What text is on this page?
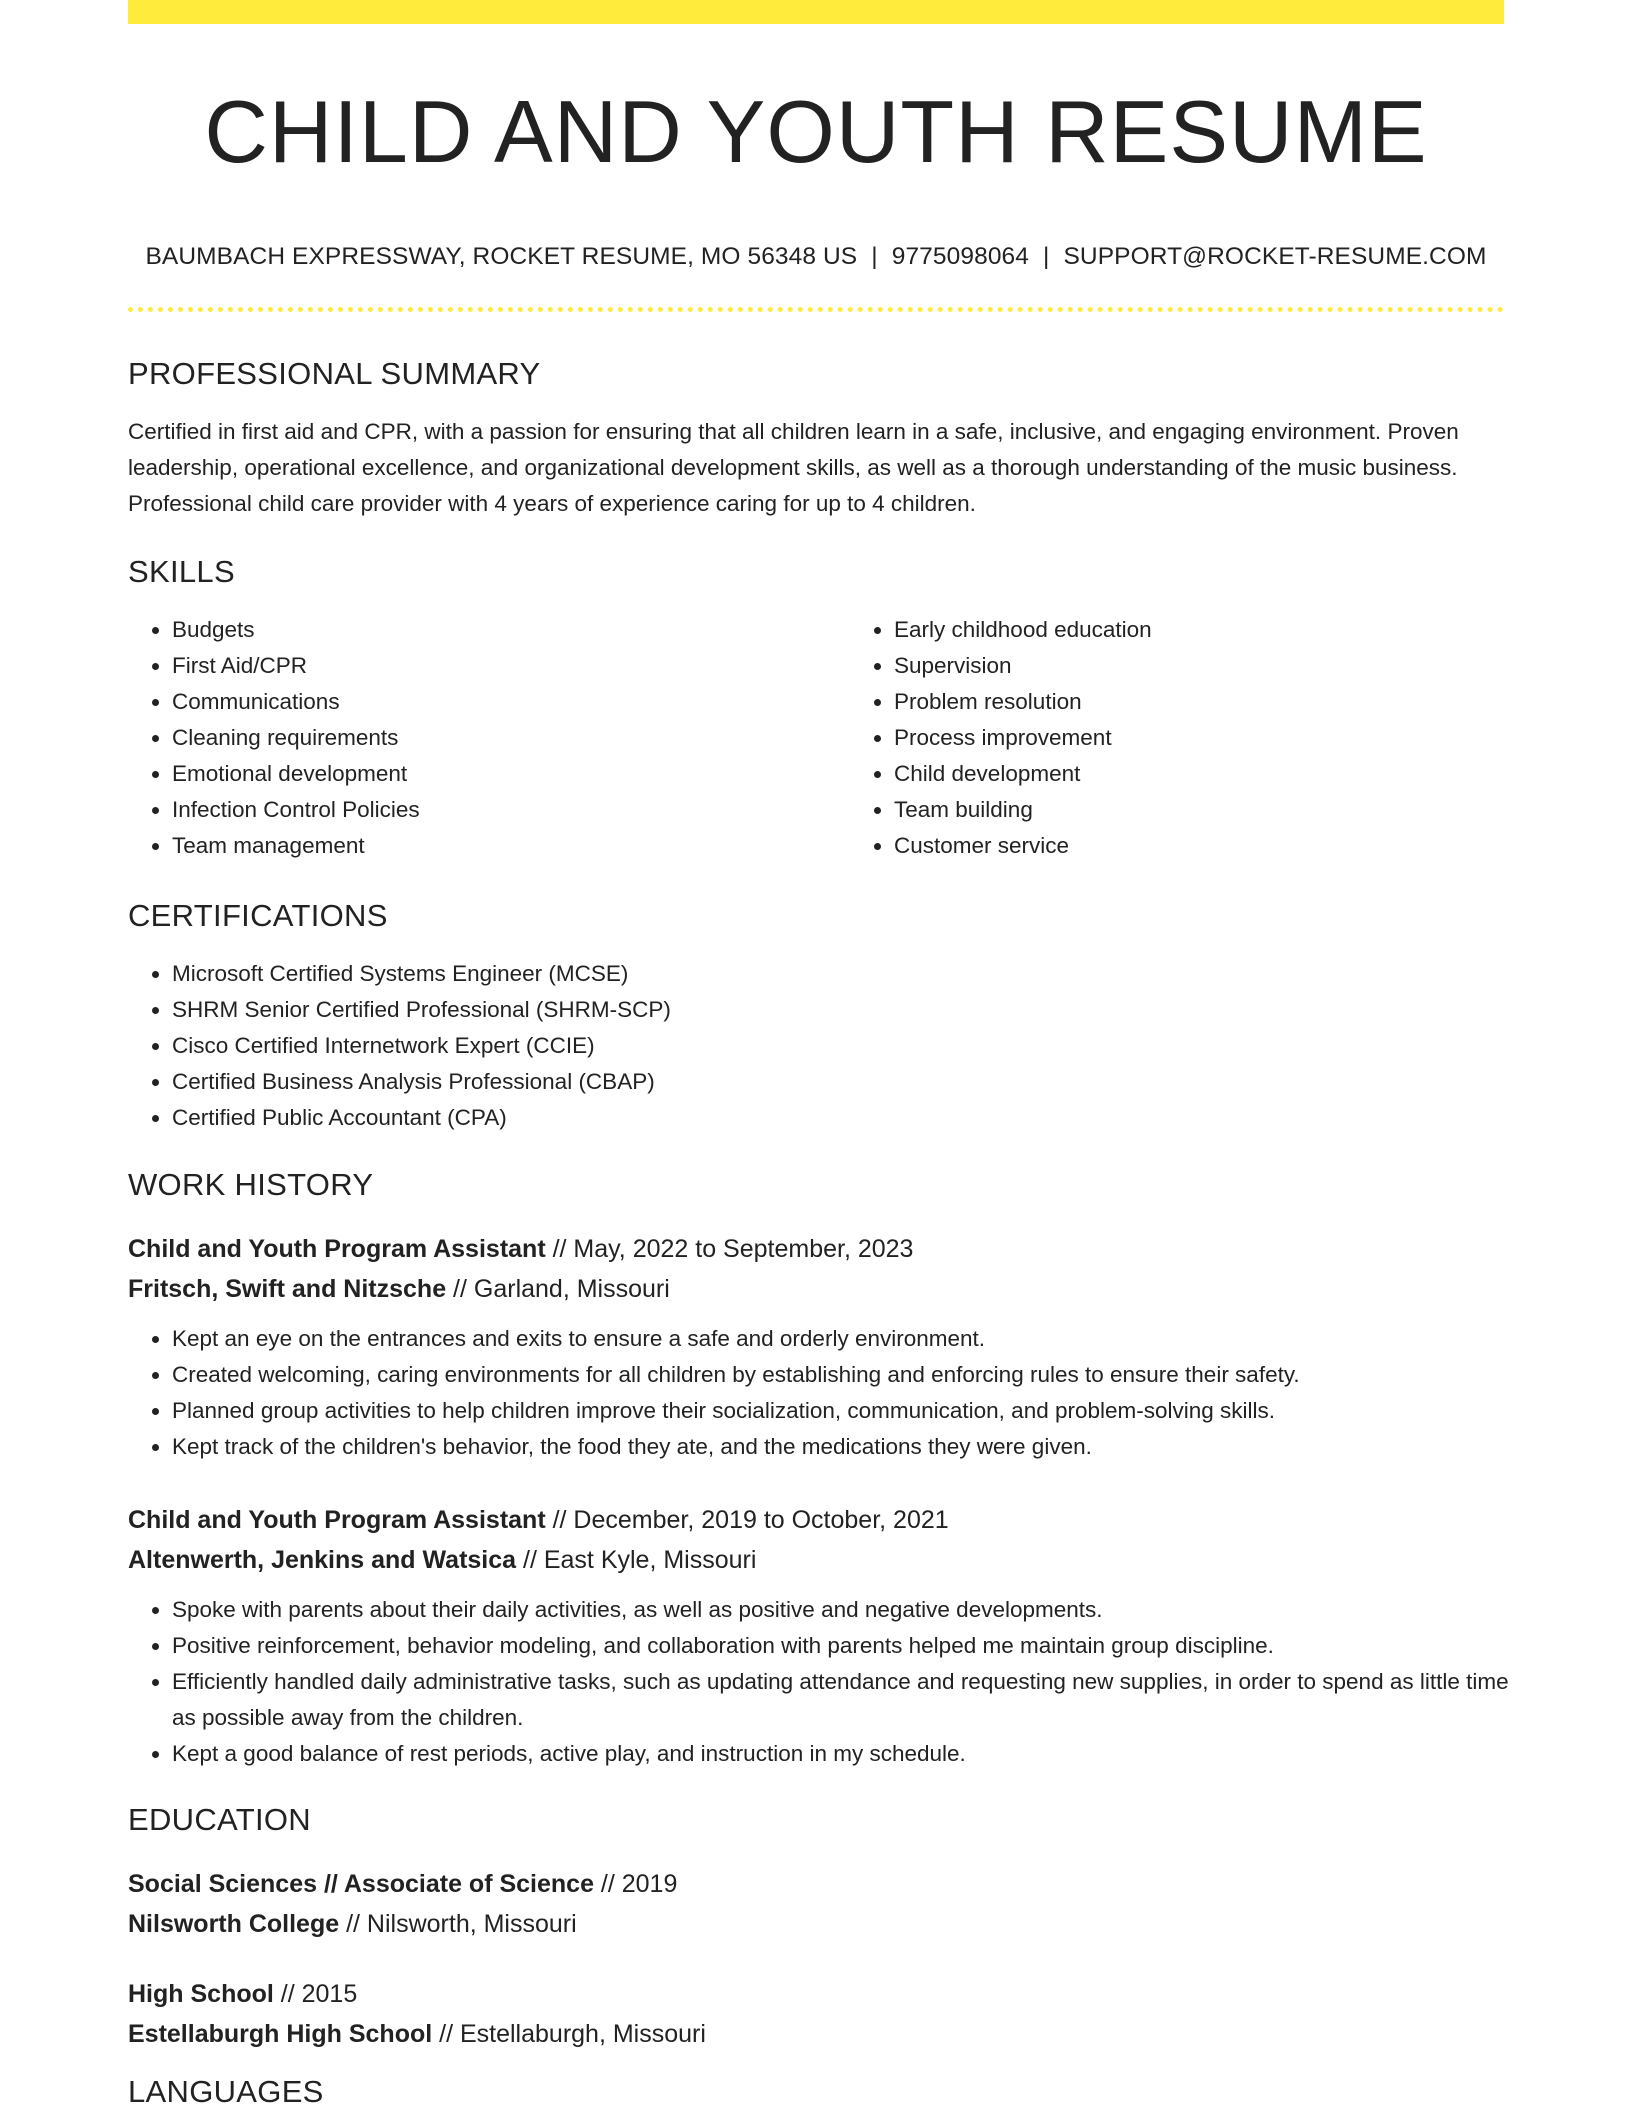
CHILD AND YOUTH RESUME
BAUMBACH EXPRESSWAY, ROCKET RESUME, MO 56348 US | 9775098064 | SUPPORT@ROCKET-RESUME.COM
PROFESSIONAL SUMMARY

Certified in first aid and CPR, with a passion for ensuring that all children learn in a safe, inclusive, and engaging environment. Proven leadership, operational excellence, and organizational development skills, as well as a thorough understanding of the music business. Professional child care provider with 4 years of experience caring for up to 4 children.

SKILLS
• Budgets
• First Aid/CPR
• Communications
• Cleaning requirements
• Emotional development
• Infection Control Policies
• Team management
• Early childhood education
• Supervision
• Problem resolution
• Process improvement
• Child development
• Team building
• Customer service
CERTIFICATIONS
• Microsoft Certified Systems Engineer (MCSE)
• SHRM Senior Certified Professional (SHRM-SCP)
• Cisco Certified Internetwork Expert (CCIE)
• Certified Business Analysis Professional (CBAP)
• Certified Public Accountant (CPA)
WORK HISTORY
Child and Youth Program Assistant // May, 2022 to September, 2023
Fritsch, Swift and Nitzsche // Garland, Missouri
• Kept an eye on the entrances and exits to ensure a safe and orderly environment.
• Created welcoming, caring environments for all children by establishing and enforcing rules to ensure their safety.
• Planned group activities to help children improve their socialization, communication, and problem-solving skills.
• Kept track of the children's behavior, the food they ate, and the medications they were given.
Child and Youth Program Assistant // December, 2019 to October, 2021
Altenwerth, Jenkins and Watsica // East Kyle, Missouri
• Spoke with parents about their daily activities, as well as positive and negative developments.
• Positive reinforcement, behavior modeling, and collaboration with parents helped me maintain group discipline.
• Efficiently handled daily administrative tasks, such as updating attendance and requesting new supplies, in order to spend as little time as possible away from the children.
• Kept a good balance of rest periods, active play, and instruction in my schedule.
EDUCATION
Social Sciences // Associate of Science // 2019
Nilsworth College // Nilsworth, Missouri
High School // 2015
Estellaburgh High School // Estellaburgh, Missouri
LANGUAGES
